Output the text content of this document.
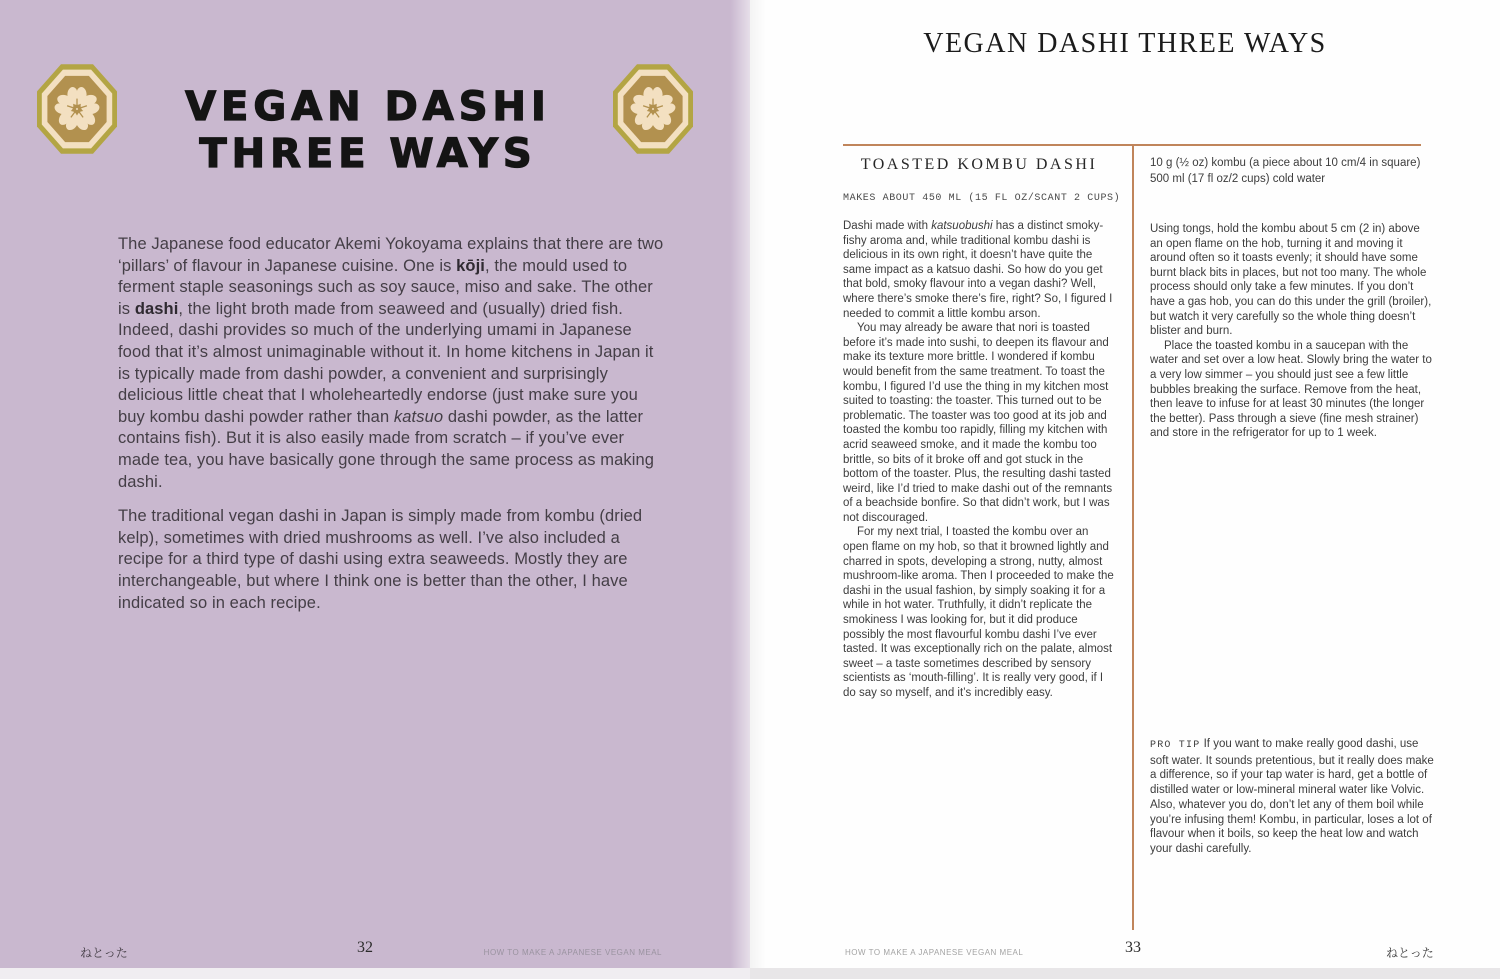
VEGAN DASHI
THREE WAYS

The Japanese food educator Akemi Yokoyama explains that there are two ‘pillars’ of flavour in Japanese cuisine. One is kōji, the mould used to ferment staple seasonings such as soy sauce, miso and sake. The other is dashi, the light broth made from seaweed and (usually) dried fish. Indeed, dashi provides so much of the underlying umami in Japanese food that it’s almost unimaginable without it. In home kitchens in Japan it is typically made from dashi powder, a convenient and surprisingly delicious little cheat that I wholeheartedly endorse (just make sure you buy kombu dashi powder rather than katsuo dashi powder, as the latter contains fish). But it is also easily made from scratch – if you’ve ever made tea, you have basically gone through the same process as making dashi.

The traditional vegan dashi in Japan is simply made from kombu (dried kelp), sometimes with dried mushrooms as well. I’ve also included a recipe for a third type of dashi using extra seaweeds. Mostly they are interchangeable, but where I think one is better than the other, I have indicated so in each recipe.

ねとった	32	HOW TO MAKE A JAPANESE VEGAN MEAL
VEGAN DASHI THREE WAYS
TOASTED KOMBU DASHI
MAKES ABOUT 450 ML (15 FL OZ/SCANT 2 CUPS)

Dashi made with katsuobushi has a distinct smoky-fishy aroma and, while traditional kombu dashi is delicious in its own right, it doesn’t have quite the same impact as a katsuo dashi. So how do you get that bold, smoky flavour into a vegan dashi? Well, where there’s smoke there’s fire, right? So, I figured I needed to commit a little kombu arson.

You may already be aware that nori is toasted before it’s made into sushi, to deepen its flavour and make its texture more brittle. I wondered if kombu would benefit from the same treatment. To toast the kombu, I figured I’d use the thing in my kitchen most suited to toasting: the toaster. This turned out to be problematic. The toaster was too good at its job and toasted the kombu too rapidly, filling my kitchen with acrid seaweed smoke, and it made the kombu too brittle, so bits of it broke off and got stuck in the bottom of the toaster. Plus, the resulting dashi tasted weird, like I’d tried to make dashi out of the remnants of a beachside bonfire. So that didn’t work, but I was not discouraged.

For my next trial, I toasted the kombu over an open flame on my hob, so that it browned lightly and charred in spots, developing a strong, nutty, almost mushroom-like aroma. Then I proceeded to make the dashi in the usual fashion, by simply soaking it for a while in hot water. Truthfully, it didn’t replicate the smokiness I was looking for, but it did produce possibly the most flavourful kombu dashi I’ve ever tasted. It was exceptionally rich on the palate, almost sweet – a taste sometimes described by sensory scientists as ‘mouth-filling’. It is really very good, if I do say so myself, and it’s incredibly easy.

10 g (½ oz) kombu (a piece about 10 cm/4 in square)
500 ml (17 fl oz/2 cups) cold water

Using tongs, hold the kombu about 5 cm (2 in) above an open flame on the hob, turning it and moving it around often so it toasts evenly; it should have some burnt black bits in places, but not too many. The whole process should only take a few minutes. If you don’t have a gas hob, you can do this under the grill (broiler), but watch it very carefully so the whole thing doesn’t blister and burn.

Place the toasted kombu in a saucepan with the water and set over a low heat. Slowly bring the water to a very low simmer – you should just see a few little bubbles breaking the surface. Remove from the heat, then leave to infuse for at least 30 minutes (the longer the better). Pass through a sieve (fine mesh strainer) and store in the refrigerator for up to 1 week.

PRO TIP If you want to make really good dashi, use soft water. It sounds pretentious, but it really does make a difference, so if your tap water is hard, get a bottle of distilled water or low-mineral mineral water like Volvic. Also, whatever you do, don’t let any of them boil while you’re infusing them! Kombu, in particular, loses a lot of flavour when it boils, so keep the heat low and watch your dashi carefully.
HOW TO MAKE A JAPANESE VEGAN MEAL	33	ねとった
